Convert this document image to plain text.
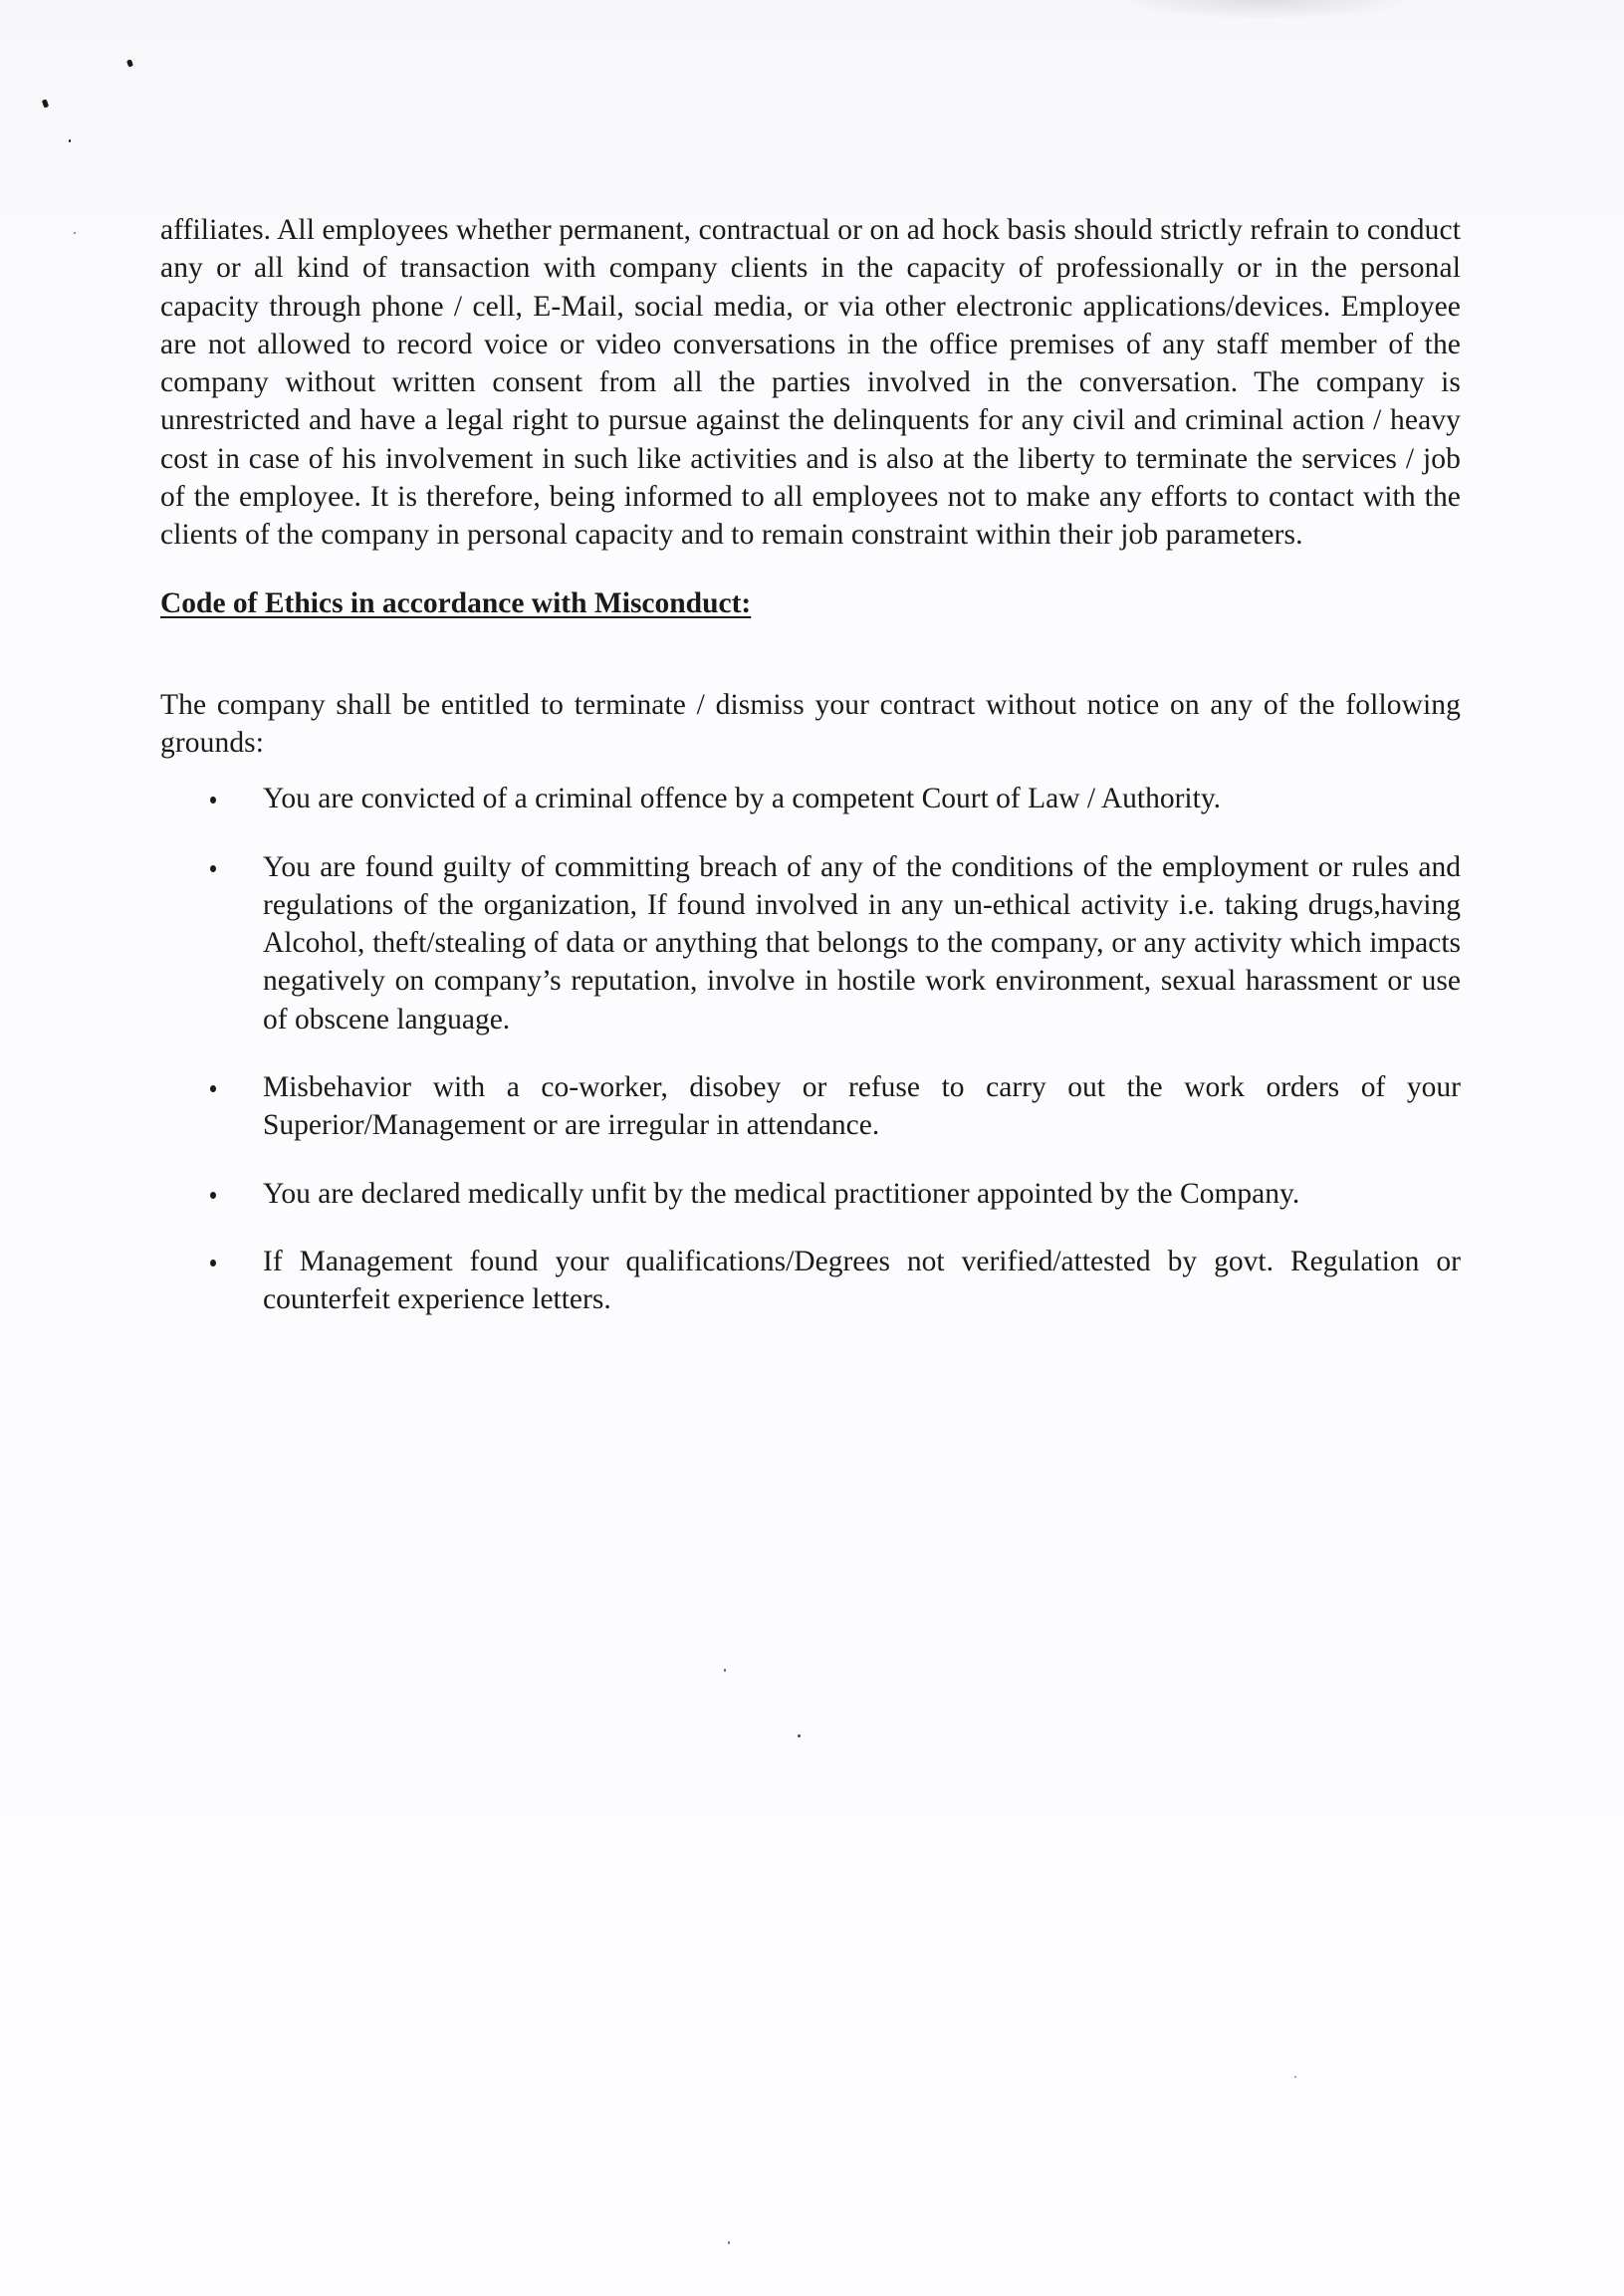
affiliates. All employees whether permanent, contractual or on ad hock basis should strictly refrain to conduct any or all kind of transaction with company clients in the capacity of professionally or in the personal capacity through phone / cell, E-Mail, social media, or via other electronic applications/devices. Employee are not allowed to record voice or video conversations in the office premises of any staff member of the company without written consent from all the parties involved in the conversation. The company is unrestricted and have a legal right to pursue against the delinquents for any civil and criminal action / heavy cost in case of his involvement in such like activities and is also at the liberty to terminate the services / job of the employee. It is therefore, being informed to all employees not to make any efforts to contact with the clients of the company in personal capacity and to remain constraint within their job parameters.

Code of Ethics in accordance with Misconduct:

The company shall be entitled to terminate / dismiss your contract without notice on any of the following grounds:

You are convicted of a criminal offence by a competent Court of Law / Authority.
You are found guilty of committing breach of any of the conditions of the employment or rules and regulations of the organization, If found involved in any un-ethical activity i.e. taking drugs,having Alcohol, theft/stealing of data or anything that belongs to the company, or any activity which impacts negatively on company’s reputation, involve in hostile work environment, sexual harassment or use of obscene language.
Misbehavior with a co-worker, disobey or refuse to carry out the work orders of your Superior/Management or are irregular in attendance.
You are declared medically unfit by the medical practitioner appointed by the Company.
If Management found your qualifications/Degrees not verified/attested by govt. Regulation or counterfeit experience letters.
